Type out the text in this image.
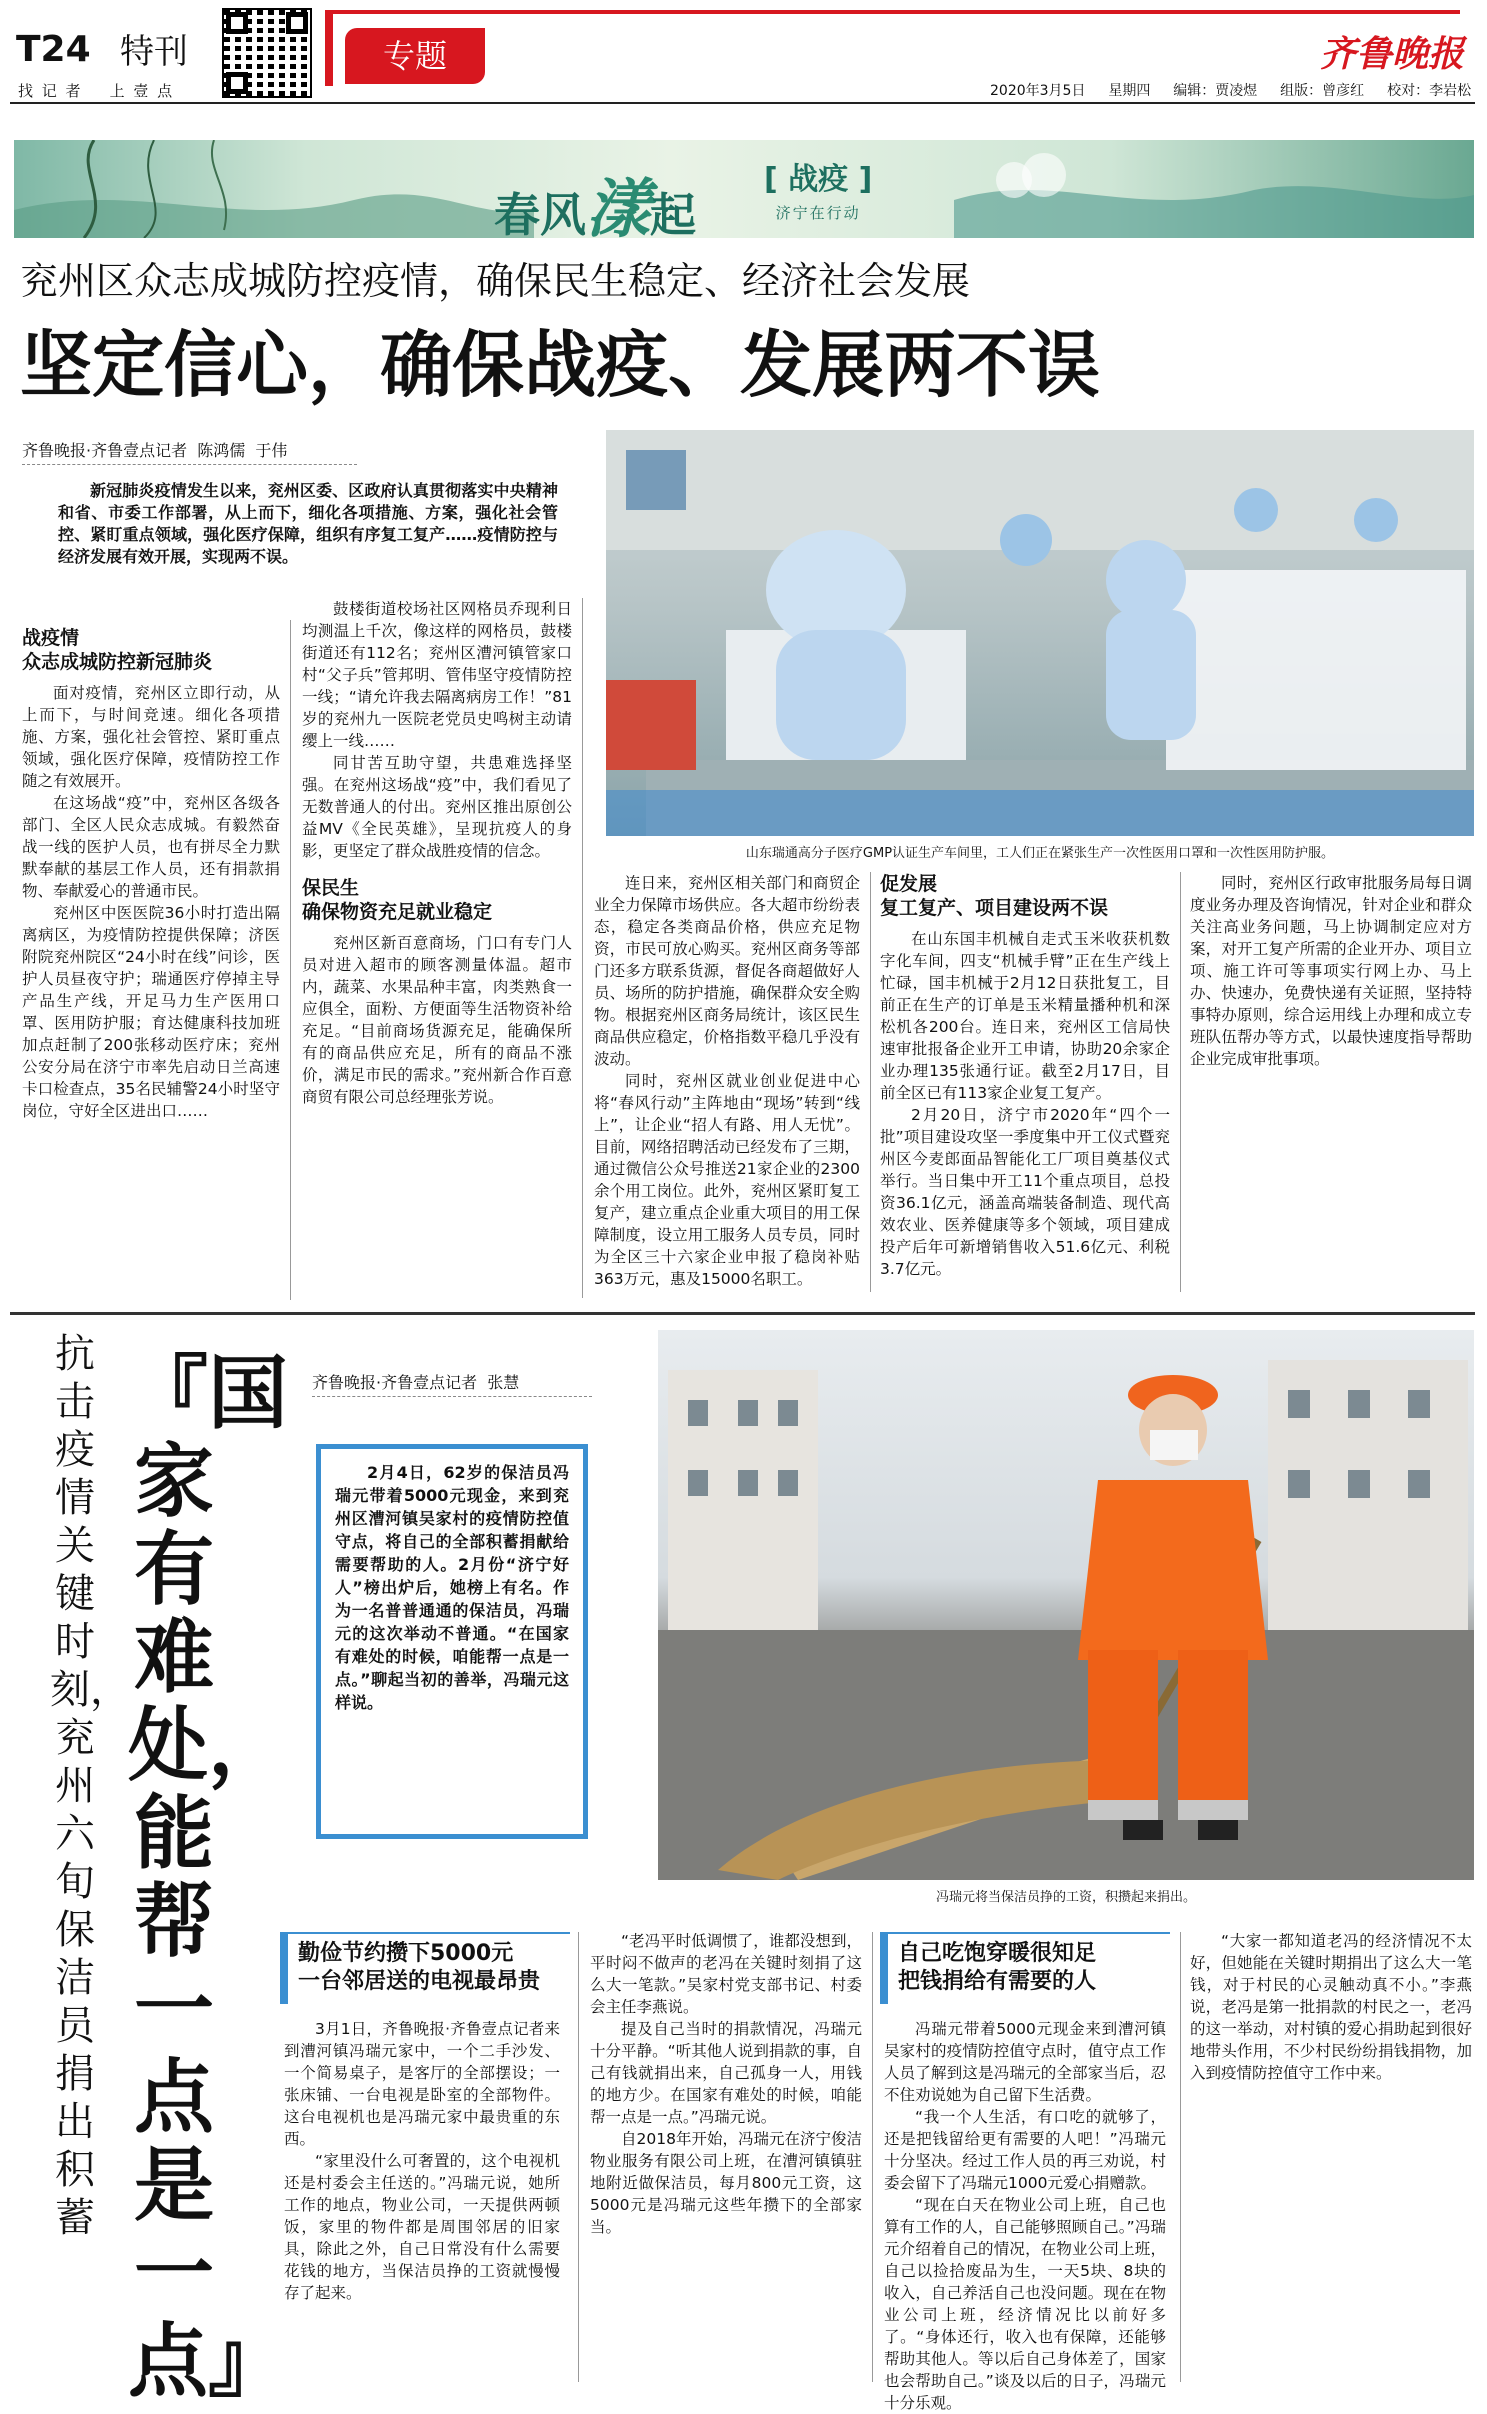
T24 特刊
找 记 者    上 壹 点
专题	齐鲁晚报
2020年3月5日 星期四 编辑：贾凌煜 组版：曾彦红 校对：李岩松
春风漾起
[ 战疫 ]
济宁在行动
兖州区众志成城防控疫情，确保民生稳定、经济社会发展
坚定信心，确保战疫、发展两不误
齐鲁晚报·齐鲁壹点记者  陈鸿儒  于伟

新冠肺炎疫情发生以来，兖州区委、区政府认真贯彻落实中央精神和省、市委工作部署，从上而下，细化各项措施、方案，强化社会管控、紧盯重点领域，强化医疗保障，组织有序复工复产……疫情防控与经济发展有效开展，实现两不误。

山东瑞通高分子医疗GMP认证生产车间里，工人们正在紧张生产一次性医用口罩和一次性医用防护服。
战疫情
众志成城防控新冠肺炎

面对疫情，兖州区立即行动，从上而下，与时间竞速。细化各项措施、方案，强化社会管控、紧盯重点领域，强化医疗保障，疫情防控工作随之有效展开。

在这场战“疫”中，兖州区各级各部门、全区人民众志成城。有毅然奋战一线的医护人员，也有拼尽全力默默奉献的基层工作人员，还有捐款捐物、奉献爱心的普通市民。

兖州区中医医院36小时打造出隔离病区，为疫情防控提供保障；济医附院兖州院区“24小时在线”问诊，医护人员昼夜守护；瑞通医疗停掉主导产品生产线，开足马力生产医用口罩、医用防护服；育达健康科技加班加点赶制了200张移动医疗床；兖州公安分局在济宁市率先启动日兰高速卡口检查点，35名民辅警24小时坚守岗位，守好全区进出口……

鼓楼街道校场社区网格员乔现利日均测温上千次，像这样的网格员，鼓楼街道还有112名；兖州区漕河镇管家口村“父子兵”管邦明、管伟坚守疫情防控一线；“请允许我去隔离病房工作！”81岁的兖州九一医院老党员史鸣树主动请缨上一线……

同甘苦互助守望，共患难选择坚强。在兖州这场战“疫”中，我们看见了无数普通人的付出。兖州区推出原创公益MV《全民英雄》，呈现抗疫人的身影，更坚定了群众战胜疫情的信念。

保民生
确保物资充足就业稳定

兖州区新百意商场，门口有专门人员对进入超市的顾客测量体温。超市内，蔬菜、水果品种丰富，肉类熟食一应俱全，面粉、方便面等生活物资补给充足。“目前商场货源充足，能确保所有的商品供应充足，所有的商品不涨价，满足市民的需求。”兖州新合作百意商贸有限公司总经理张芳说。

连日来，兖州区相关部门和商贸企业全力保障市场供应。各大超市纷纷表态，稳定各类商品价格，供应充足物资，市民可放心购买。兖州区商务等部门还多方联系货源，督促各商超做好人员、场所的防护措施，确保群众安全购物。根据兖州区商务局统计，该区民生商品供应稳定，价格指数平稳几乎没有波动。

同时，兖州区就业创业促进中心将“春风行动”主阵地由“现场”转到“线上”，让企业“招人有路、用人无忧”。目前，网络招聘活动已经发布了三期，通过微信公众号推送21家企业的2300余个用工岗位。此外，兖州区紧盯复工复产，建立重点企业重大项目的用工保障制度，设立用工服务人员专员，同时为全区三十六家企业申报了稳岗补贴363万元，惠及15000名职工。

促发展
复工复产、项目建设两不误

在山东国丰机械自走式玉米收获机数字化车间，四支“机械手臂”正在生产线上忙碌，国丰机械于2月12日获批复工，目前正在生产的订单是玉米精量播种机和深松机各200台。连日来，兖州区工信局快速审批报备企业开工申请，协助20余家企业办理135张通行证。截至2月17日，目前全区已有113家企业复工复产。

2月20日，济宁市2020年“四个一批”项目建设攻坚一季度集中开工仪式暨兖州区今麦郎面品智能化工厂项目奠基仪式举行。当日集中开工11个重点项目，总投资36.1亿元，涵盖高端装备制造、现代高效农业、医养健康等多个领域，项目建成投产后年可新增销售收入51.6亿元、利税3.7亿元。

同时，兖州区行政审批服务局每日调度业务办理及咨询情况，针对企业和群众关注高业务问题，马上协调制定应对方案，对开工复产所需的企业开办、项目立项、施工许可等事项实行网上办、马上办、快速办，免费快递有关证照，坚持特事特办原则，综合运用线上办理和成立专班队伍帮办等方式，以最快速度指导帮助企业完成审批事项。

『国家有难处，能帮一点是一点』
抗击疫情关键时刻，兖州六旬保洁员捐出积蓄
齐鲁晚报·齐鲁壹点记者  张慧

2月4日，62岁的保洁员冯瑞元带着5000元现金，来到兖州区漕河镇吴家村的疫情防控值守点，将自己的全部积蓄捐献给需要帮助的人。2月份“济宁好人”榜出炉后，她榜上有名。作为一名普普通通的保洁员，冯瑞元的这次举动不普通。“在国家有难处的时候，咱能帮一点是一点。”聊起当初的善举，冯瑞元这样说。

冯瑞元将当保洁员挣的工资，积攒起来捐出。
勤俭节约攒下5000元
一台邻居送的电视最昂贵

3月1日，齐鲁晚报·齐鲁壹点记者来到漕河镇冯瑞元家中，一个二手沙发、一个简易桌子，是客厅的全部摆设；一张床铺、一台电视是卧室的全部物件。这台电视机也是冯瑞元家中最贵重的东西。

“家里没什么可奢置的，这个电视机还是村委会主任送的。”冯瑞元说，她所工作的地点，物业公司，一天提供两顿饭，家里的物件都是周围邻居的旧家具，除此之外，自己日常没有什么需要花钱的地方，当保洁员挣的工资就慢慢存了起来。

“老冯平时低调惯了，谁都没想到，平时闷不做声的老冯在关键时刻捐了这么大一笔款。”吴家村党支部书记、村委会主任李燕说。

提及自己当时的捐款情况，冯瑞元十分平静。“听其他人说到捐款的事，自己有钱就捐出来，自己孤身一人，用钱的地方少。在国家有难处的时候，咱能帮一点是一点。”冯瑞元说。

自2018年开始，冯瑞元在济宁俊洁物业服务有限公司上班，在漕河镇镇驻地附近做保洁员，每月800元工资，这5000元是冯瑞元这些年攒下的全部家当。

自己吃饱穿暖很知足
把钱捐给有需要的人

冯瑞元带着5000元现金来到漕河镇吴家村的疫情防控值守点时，值守点工作人员了解到这是冯瑞元的全部家当后，忍不住劝说她为自己留下生活费。

“我一个人生活，有口吃的就够了，还是把钱留给更有需要的人吧！”冯瑞元十分坚决。经过工作人员的再三劝说，村委会留下了冯瑞元1000元爱心捐赠款。

“现在白天在物业公司上班，自己也算有工作的人，自己能够照顾自己。”冯瑞元介绍着自己的情况，在物业公司上班，自己以捡拾废品为生，一天5块、8块的收入，自己养活自己也没问题。现在在物业公司上班，经济情况比以前好多了。“身体还行，收入也有保障，还能够帮助其他人。等以后自己身体差了，国家也会帮助自己。”谈及以后的日子，冯瑞元十分乐观。

“大家一都知道老冯的经济情况不太好，但她能在关键时期捐出了这么大一笔钱，对于村民的心灵触动真不小。”李燕说，老冯是第一批捐款的村民之一，老冯的这一举动，对村镇的爱心捐助起到很好地带头作用，不少村民纷纷捐钱捐物，加入到疫情防控值守工作中来。
